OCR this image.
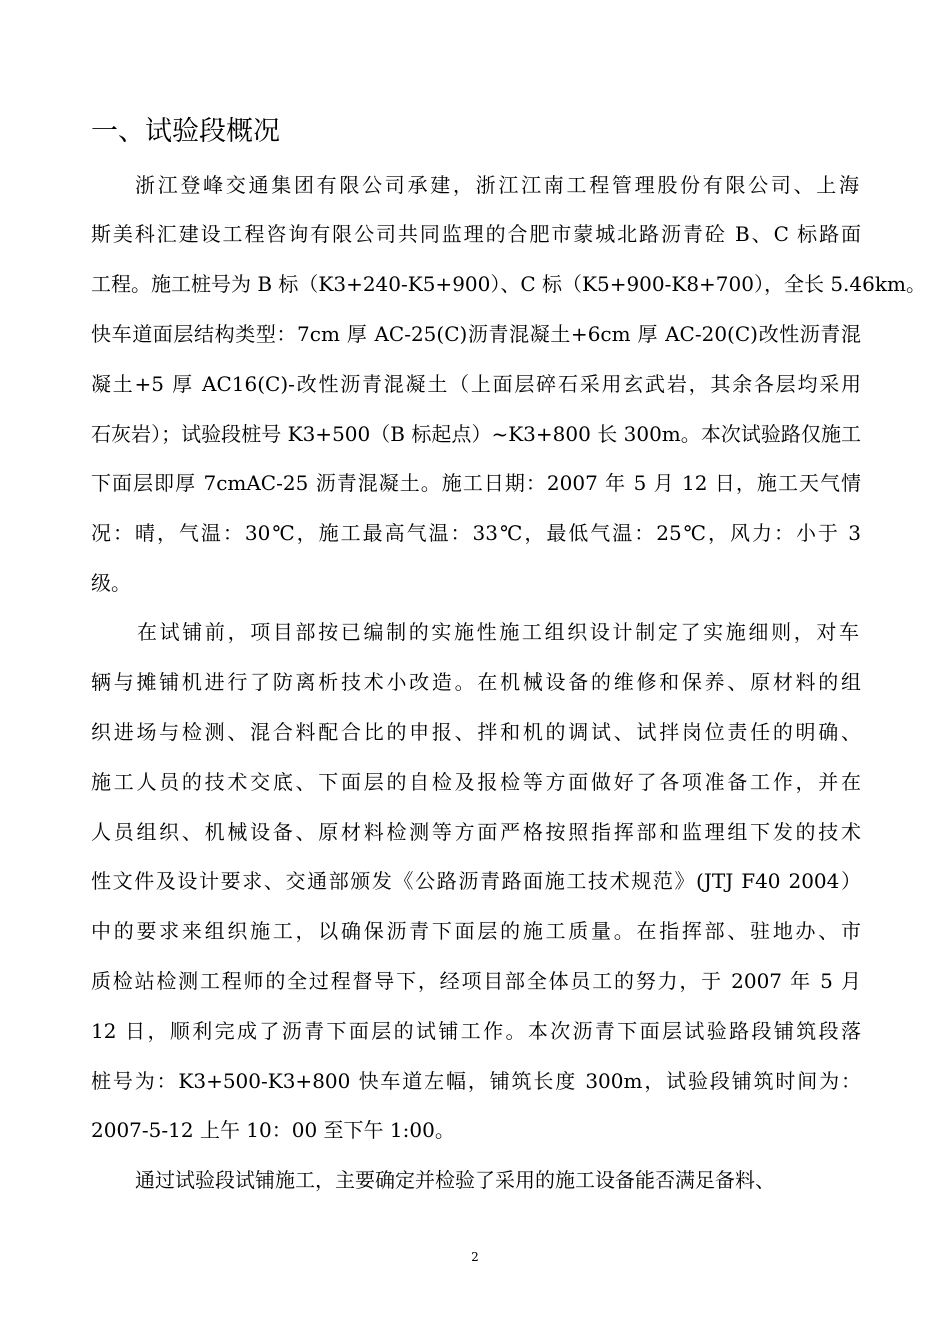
一、试验段概况
浙江登峰交通集团有限公司承建，浙江江南工程管理股份有限公司、上海
斯美科汇建设工程咨询有限公司共同监理的合肥市蒙城北路沥青砼 B、C 标路面
工程。施工桩号为 B 标（K3+240-K5+900）、C 标（K5+900-K8+700），全长 5.46km。
快车道面层结构类型：7cm 厚 AC-25(C)沥青混凝土+6cm 厚 AC-20(C)改性沥青混
凝土+5 厚 AC16(C)-改性沥青混凝土（上面层碎石采用玄武岩，其余各层均采用
石灰岩）；试验段桩号 K3+500（B 标起点）~K3+800 长 300m。本次试验路仅施工
下面层即厚 7cmAC-25 沥青混凝土。施工日期：2007 年 5 月 12 日，施工天气情
况：晴，气温：30℃，施工最高气温：33℃，最低气温：25℃，风力：小于 3
级。
在试铺前，项目部按已编制的实施性施工组织设计制定了实施细则，对车
辆与摊铺机进行了防离析技术小改造。在机械设备的维修和保养、原材料的组
织进场与检测、混合料配合比的申报、拌和机的调试、试拌岗位责任的明确、
施工人员的技术交底、下面层的自检及报检等方面做好了各项准备工作，并在
人员组织、机械设备、原材料检测等方面严格按照指挥部和监理组下发的技术
性文件及设计要求、交通部颁发《公路沥青路面施工技术规范》(JTJ F40 2004）
中的要求来组织施工，以确保沥青下面层的施工质量。在指挥部、驻地办、市
质检站检测工程师的全过程督导下，经项目部全体员工的努力，于 2007 年 5 月
12 日，顺利完成了沥青下面层的试铺工作。本次沥青下面层试验路段铺筑段落
桩号为：K3+500-K3+800 快车道左幅，铺筑长度 300m，试验段铺筑时间为：
2007-5-12 上午 10：00 至下午 1:00。
通过试验段试铺施工，主要确定并检验了采用的施工设备能否满足备料、
2
